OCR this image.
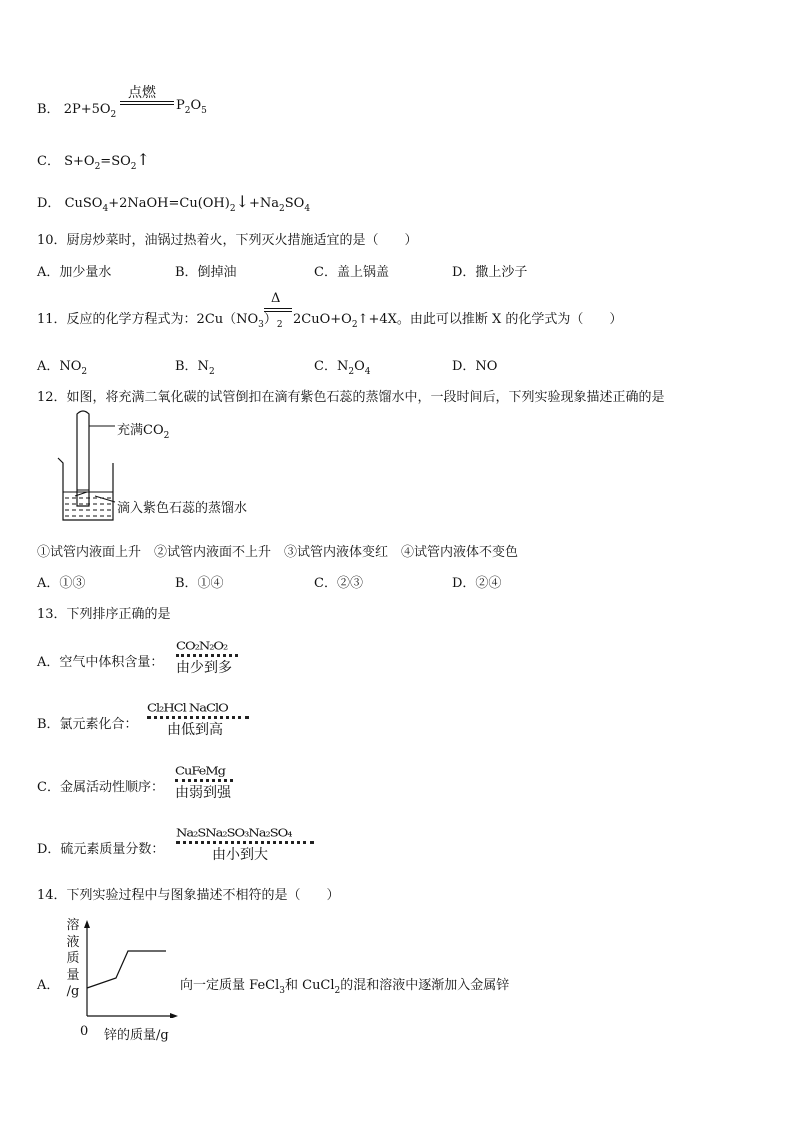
B． $2P+5O_2$
点燃
$P_2O_5$
C． $S+O_2=SO_2↑$
D． $CuSO_4+2NaOH=Cu(OH)_2↓+Na_2SO_4$
10．厨房炒菜时，油锅过热着火，下列灭火措施适宜的是（　　）
A．加少量水	B．倒掉油	C．盖上锅盖	D．撒上沙子
11．反应的化学方程式为：$2Cu(NO_3)_2$
Δ
$2CuO+O_2↑+4X$。由此可以推断 X 的化学式为（　　）
A．$NO_2$	B．$N_2$	C．$N_2O_4$	D．NO
12．如图，将充满二氧化碳的试管倒扣在滴有紫色石蕊的蒸馏水中，一段时间后，下列实验现象描述正确的是
充满$CO_2$
滴入紫色石蕊的蒸馏水
①试管内液面上升　②试管内液面不上升　③试管内液体变红　④试管内液体不变色
A．①③	B．①④	C．②③	D．②④
13．下列排序正确的是
A．空气中体积含量：
CO₂N₂O₂
由少到多
B．氯元素化合：
Cl₂HCl NaClO
由低到高
C．金属活动性顺序：
CuFeMg
由弱到强
D．硫元素质量分数：
Na₂SNa₂SO₃Na₂SO₄
由小到大
14．下列实验过程中与图象描述不相符的是（　　）
A．
溶
液
质
量
/g	向一定质量 FeCl$_3$和 CuCl$_2$的混和溶液中逐渐加入金属锌
0 锌的质量/g
